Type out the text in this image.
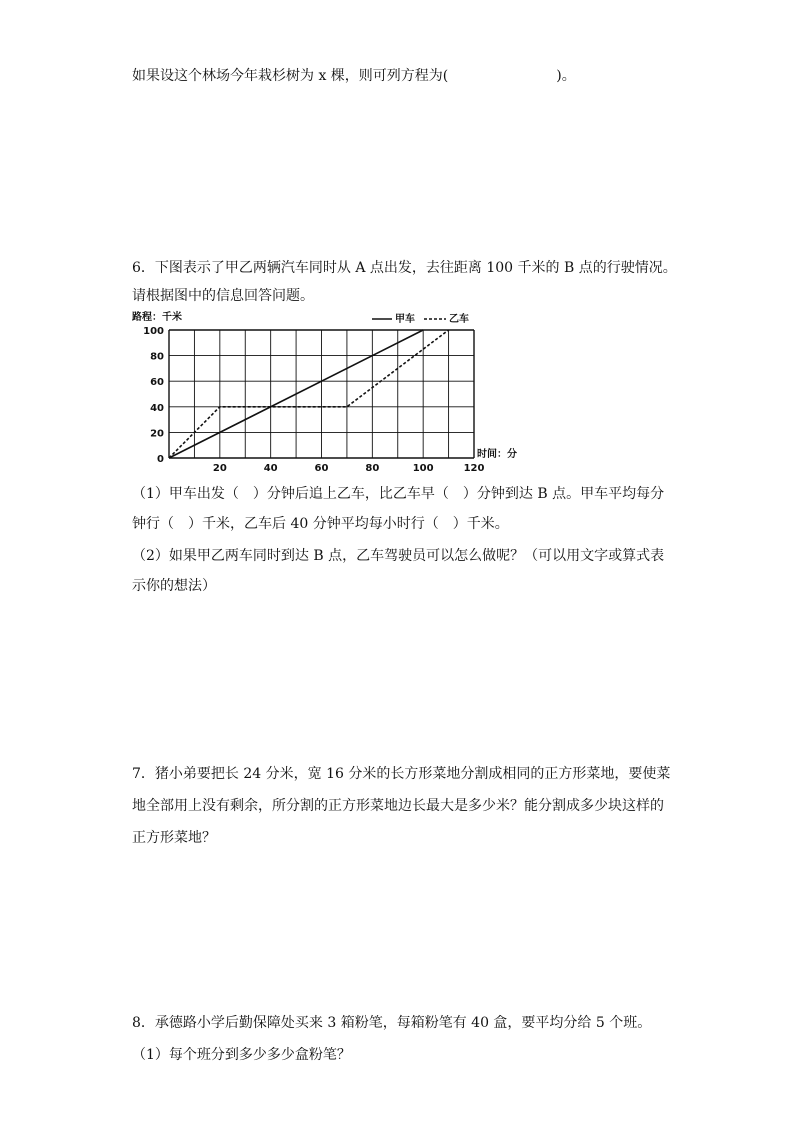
如果设这个林场今年栽杉树为 x 棵，则可列方程为(	)。
6．下图表示了甲乙两辆汽车同时从 A 点出发，去往距离 100 千米的 B 点的行驶情况。
请根据图中的信息回答问题。
路程：千米	甲车	乙车
0
20
40
60
80
100
20	40	60	80	100	120
时间：分
（1）甲车出发（　）分钟后追上乙车，比乙车早（　）分钟到达 B 点。甲车平均每分
钟行（　）千米，乙车后 40 分钟平均每小时行（　）千米。
（2）如果甲乙两车同时到达 B 点，乙车驾驶员可以怎么做呢？（可以用文字或算式表
示你的想法）
7．猪小弟要把长 24 分米，宽 16 分米的长方形菜地分割成相同的正方形菜地，要使菜
地全部用上没有剩余，所分割的正方形菜地边长最大是多少米？能分割成多少块这样的
正方形菜地？
8．承德路小学后勤保障处买来 3 箱粉笔，每箱粉笔有 40 盒，要平均分给 5 个班。
（1）每个班分到多少多少盒粉笔？
